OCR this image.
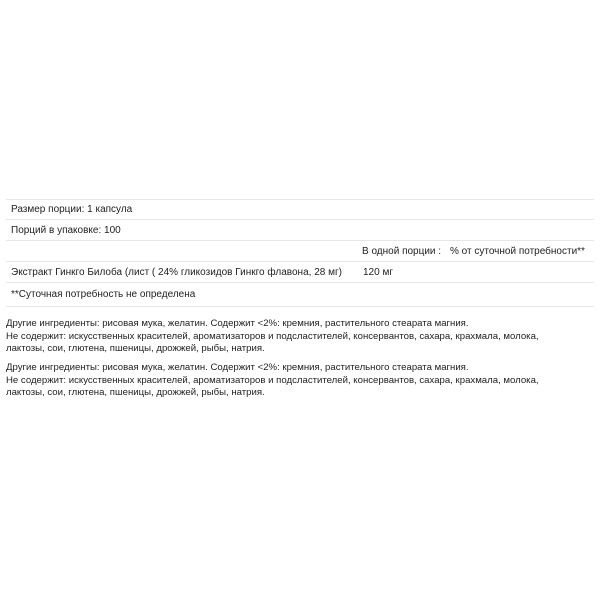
Размер порции: 1 капсула
Порций в упаковке: 100
В одной порции : % от суточной потребности**
Экстракт Гинкго Билоба (лист ( 24% гликозидов Гинкго флавона, 28 мг) 120 мг
**Суточная потребность не определена
Другие ингредиенты: рисовая мука, желатин. Содержит <2%: кремния, растительного стеарата магния.
Не содержит: искусственных красителей, ароматизаторов и подсластителей, консервантов, сахара, крахмала, молока,
лактозы, сои, глютена, пшеницы, дрожжей, рыбы, натрия.
Другие ингредиенты: рисовая мука, желатин. Содержит <2%: кремния, растительного стеарата магния.
Не содержит: искусственных красителей, ароматизаторов и подсластителей, консервантов, сахара, крахмала, молока,
лактозы, сои, глютена, пшеницы, дрожжей, рыбы, натрия.
